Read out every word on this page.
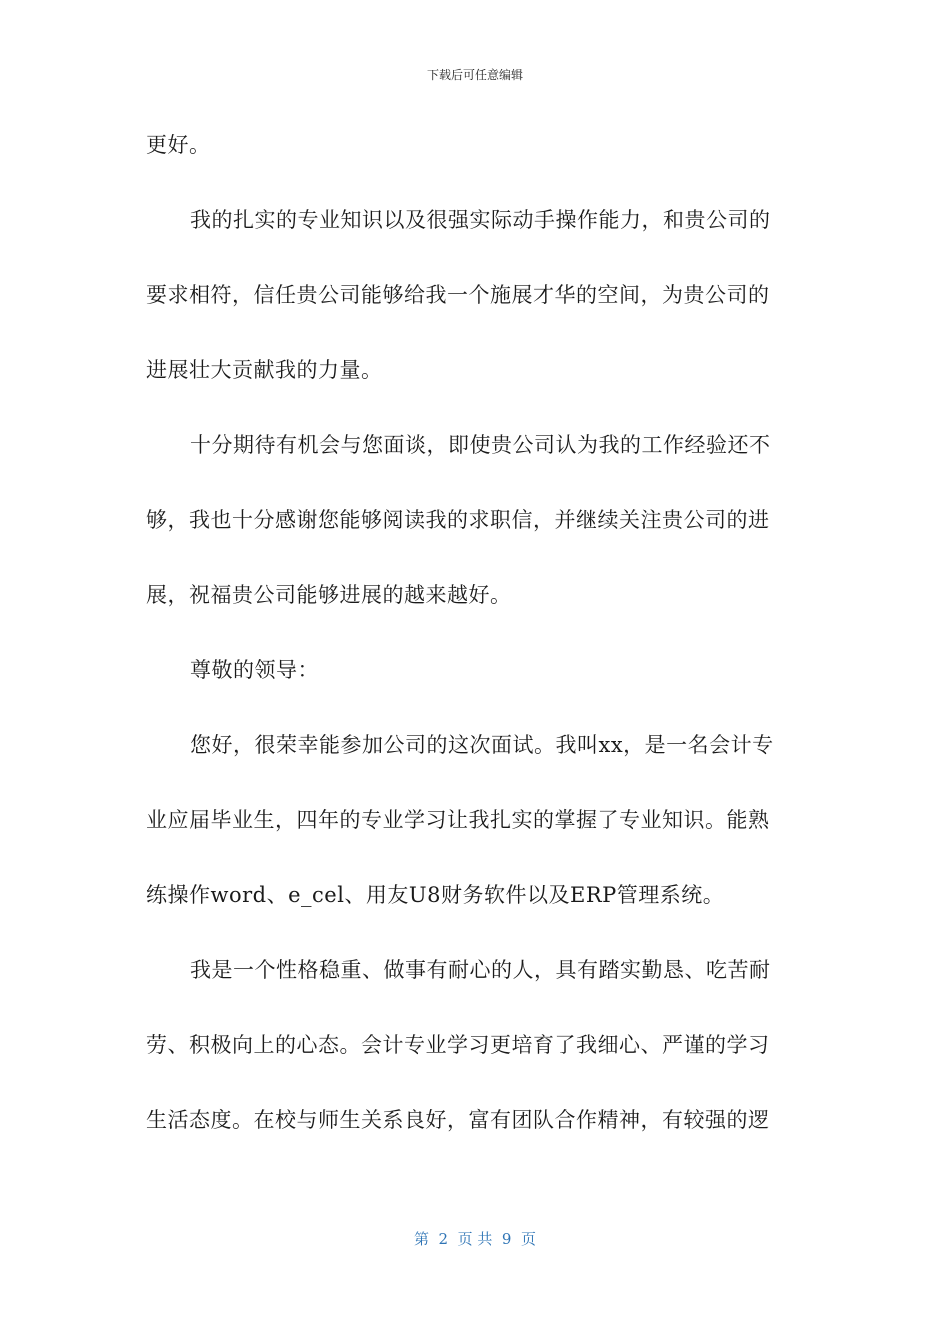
下载后可任意编辑
更好。
我的扎实的专业知识以及很强实际动手操作能力，和贵公司的
要求相符，信任贵公司能够给我一个施展才华的空间，为贵公司的
进展壮大贡献我的力量。
十分期待有机会与您面谈，即使贵公司认为我的工作经验还不
够，我也十分感谢您能够阅读我的求职信，并继续关注贵公司的进
展，祝福贵公司能够进展的越来越好。
尊敬的领导：
您好，很荣幸能参加公司的这次面试。我叫xx，是一名会计专
业应届毕业生，四年的专业学习让我扎实的掌握了专业知识。能熟
练操作word、e_cel、用友U8财务软件以及ERP管理系统。
我是一个性格稳重、做事有耐心的人，具有踏实勤恳、吃苦耐
劳、积极向上的心态。会计专业学习更培育了我细心、严谨的学习
生活态度。在校与师生关系良好，富有团队合作精神，有较强的逻
第  2  页 共  9  页
